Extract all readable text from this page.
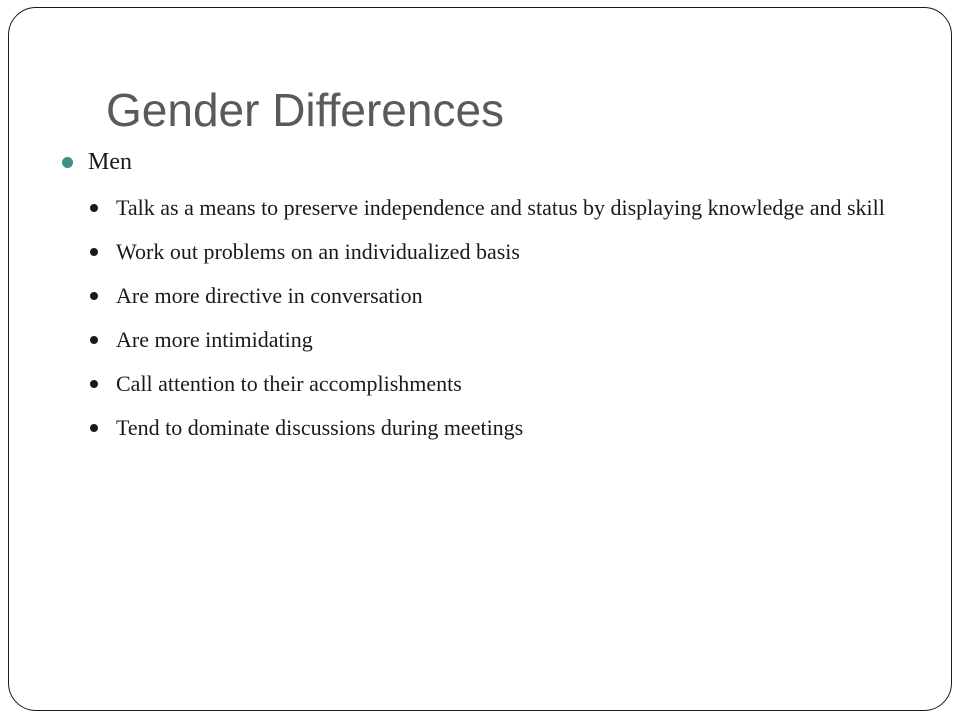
Gender Differences
Men
Talk as a means to preserve independence and status by displaying knowledge and skill
Work out problems on an individualized basis
Are more directive in conversation
Are more intimidating
Call attention to their accomplishments
Tend to dominate discussions during meetings
